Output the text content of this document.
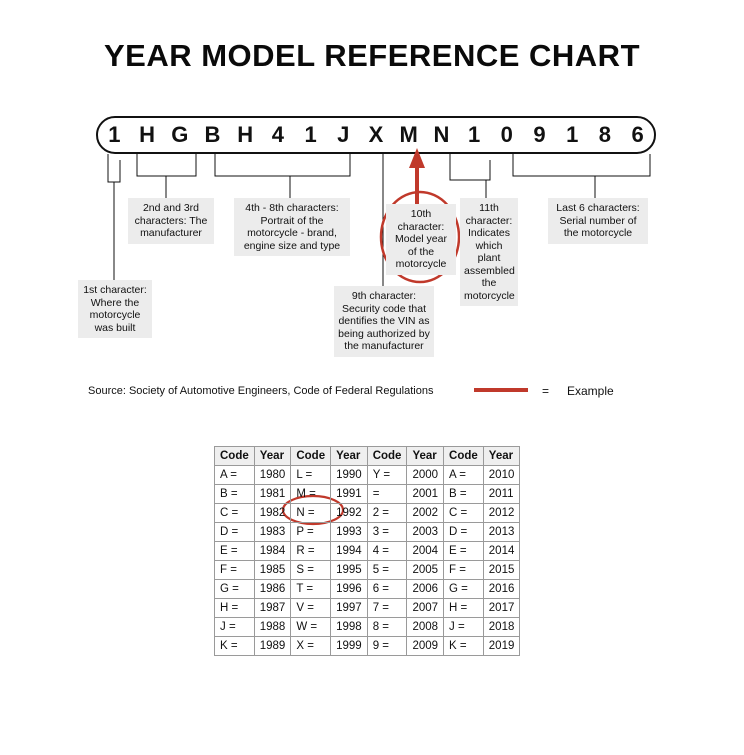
YEAR MODEL REFERENCE CHART
1 H G B H 4 1 J X M N 1 0 9 1 8 6
1st character: Where the motorcycle was built
2nd and 3rd characters: The manufacturer
4th - 8th characters: Portrait of the motorcycle - brand, engine size and type
9th character: Security code that dentifies the VIN as being authorized by the manufacturer
10th character: Model year of the motorcycle
11th character: Indicates which plant assembled the motorcycle
Last 6 characters: Serial number of the motorcycle
Source: Society of Automotive Engineers, Code of Federal Regulations	= Example
Code	Year	Code	Year	Code	Year	Code	Year
A =	1980	L =	1990	Y =	2000	A =	2010
B =	1981	M =	1991	=	2001	B =	2011
C =	1982	N =	1992	2 =	2002	C =	2012
D =	1983	P =	1993	3 =	2003	D =	2013
E =	1984	R =	1994	4 =	2004	E =	2014
F =	1985	S =	1995	5 =	2005	F =	2015
G =	1986	T =	1996	6 =	2006	G =	2016
H =	1987	V =	1997	7 =	2007	H =	2017
J =	1988	W =	1998	8 =	2008	J =	2018
K =	1989	X =	1999	9 =	2009	K =	2019
